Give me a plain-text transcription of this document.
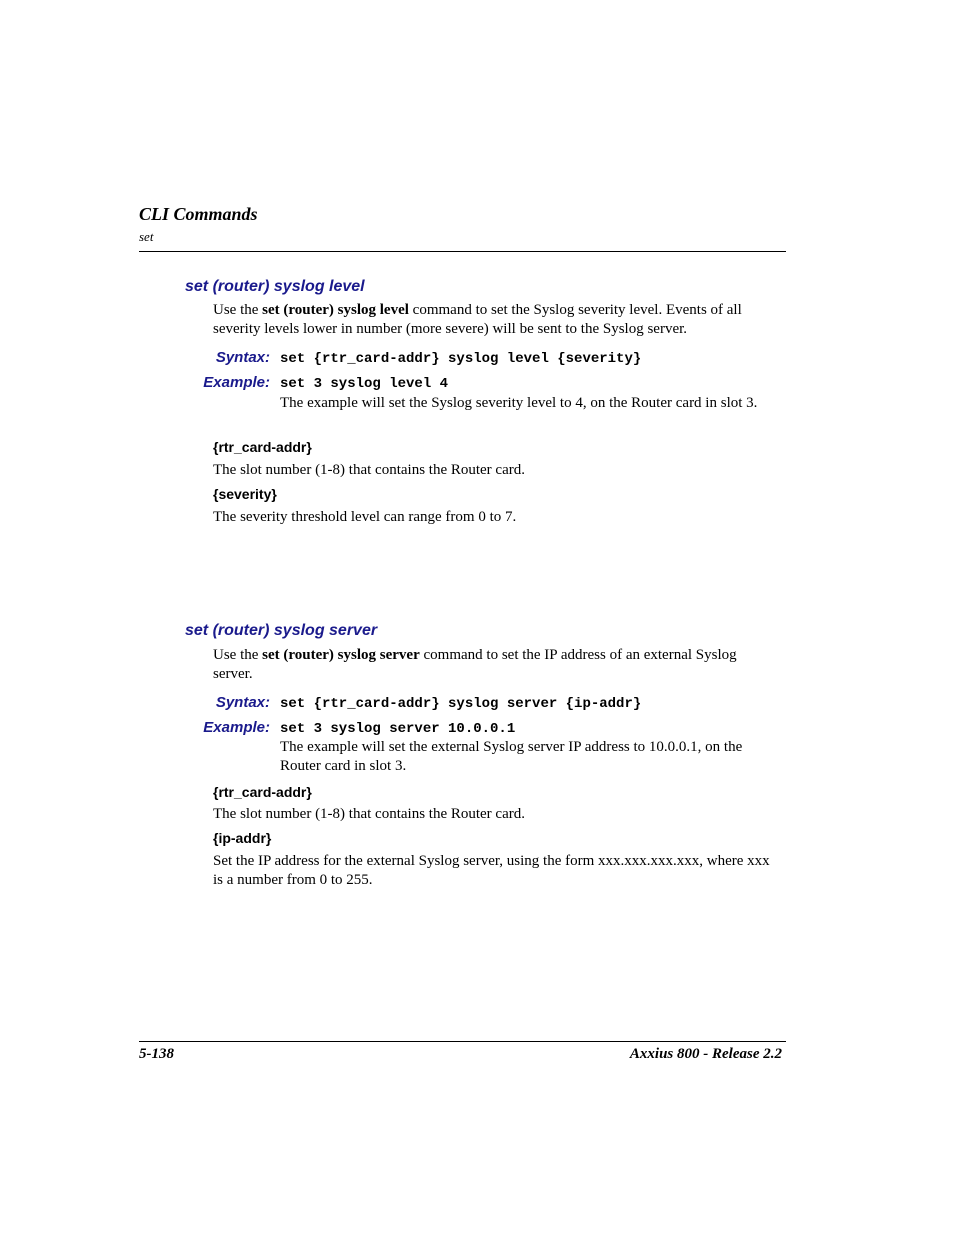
CLI Commands
set
set (router) syslog level
Use the set (router) syslog level command to set the Syslog severity level. Events of all severity levels lower in number (more severe) will be sent to the Syslog server.
Syntax: set {rtr_card-addr} syslog level {severity}
Example: set 3 syslog level 4
The example will set the Syslog severity level to 4, on the Router card in slot 3.
{rtr_card-addr}
The slot number (1-8) that contains the Router card.
{severity}
The severity threshold level can range from 0 to 7.
set (router) syslog server
Use the set (router) syslog server command to set the IP address of an external Syslog server.
Syntax: set {rtr_card-addr} syslog server {ip-addr}
Example: set 3 syslog server 10.0.0.1
The example will set the external Syslog server IP address to 10.0.0.1, on the Router card in slot 3.
{rtr_card-addr}
The slot number (1-8) that contains the Router card.
{ip-addr}
Set the IP address for the external Syslog server, using the form xxx.xxx.xxx.xxx, where xxx is a number from 0 to 255.
5-138	Axxius 800 - Release 2.2
